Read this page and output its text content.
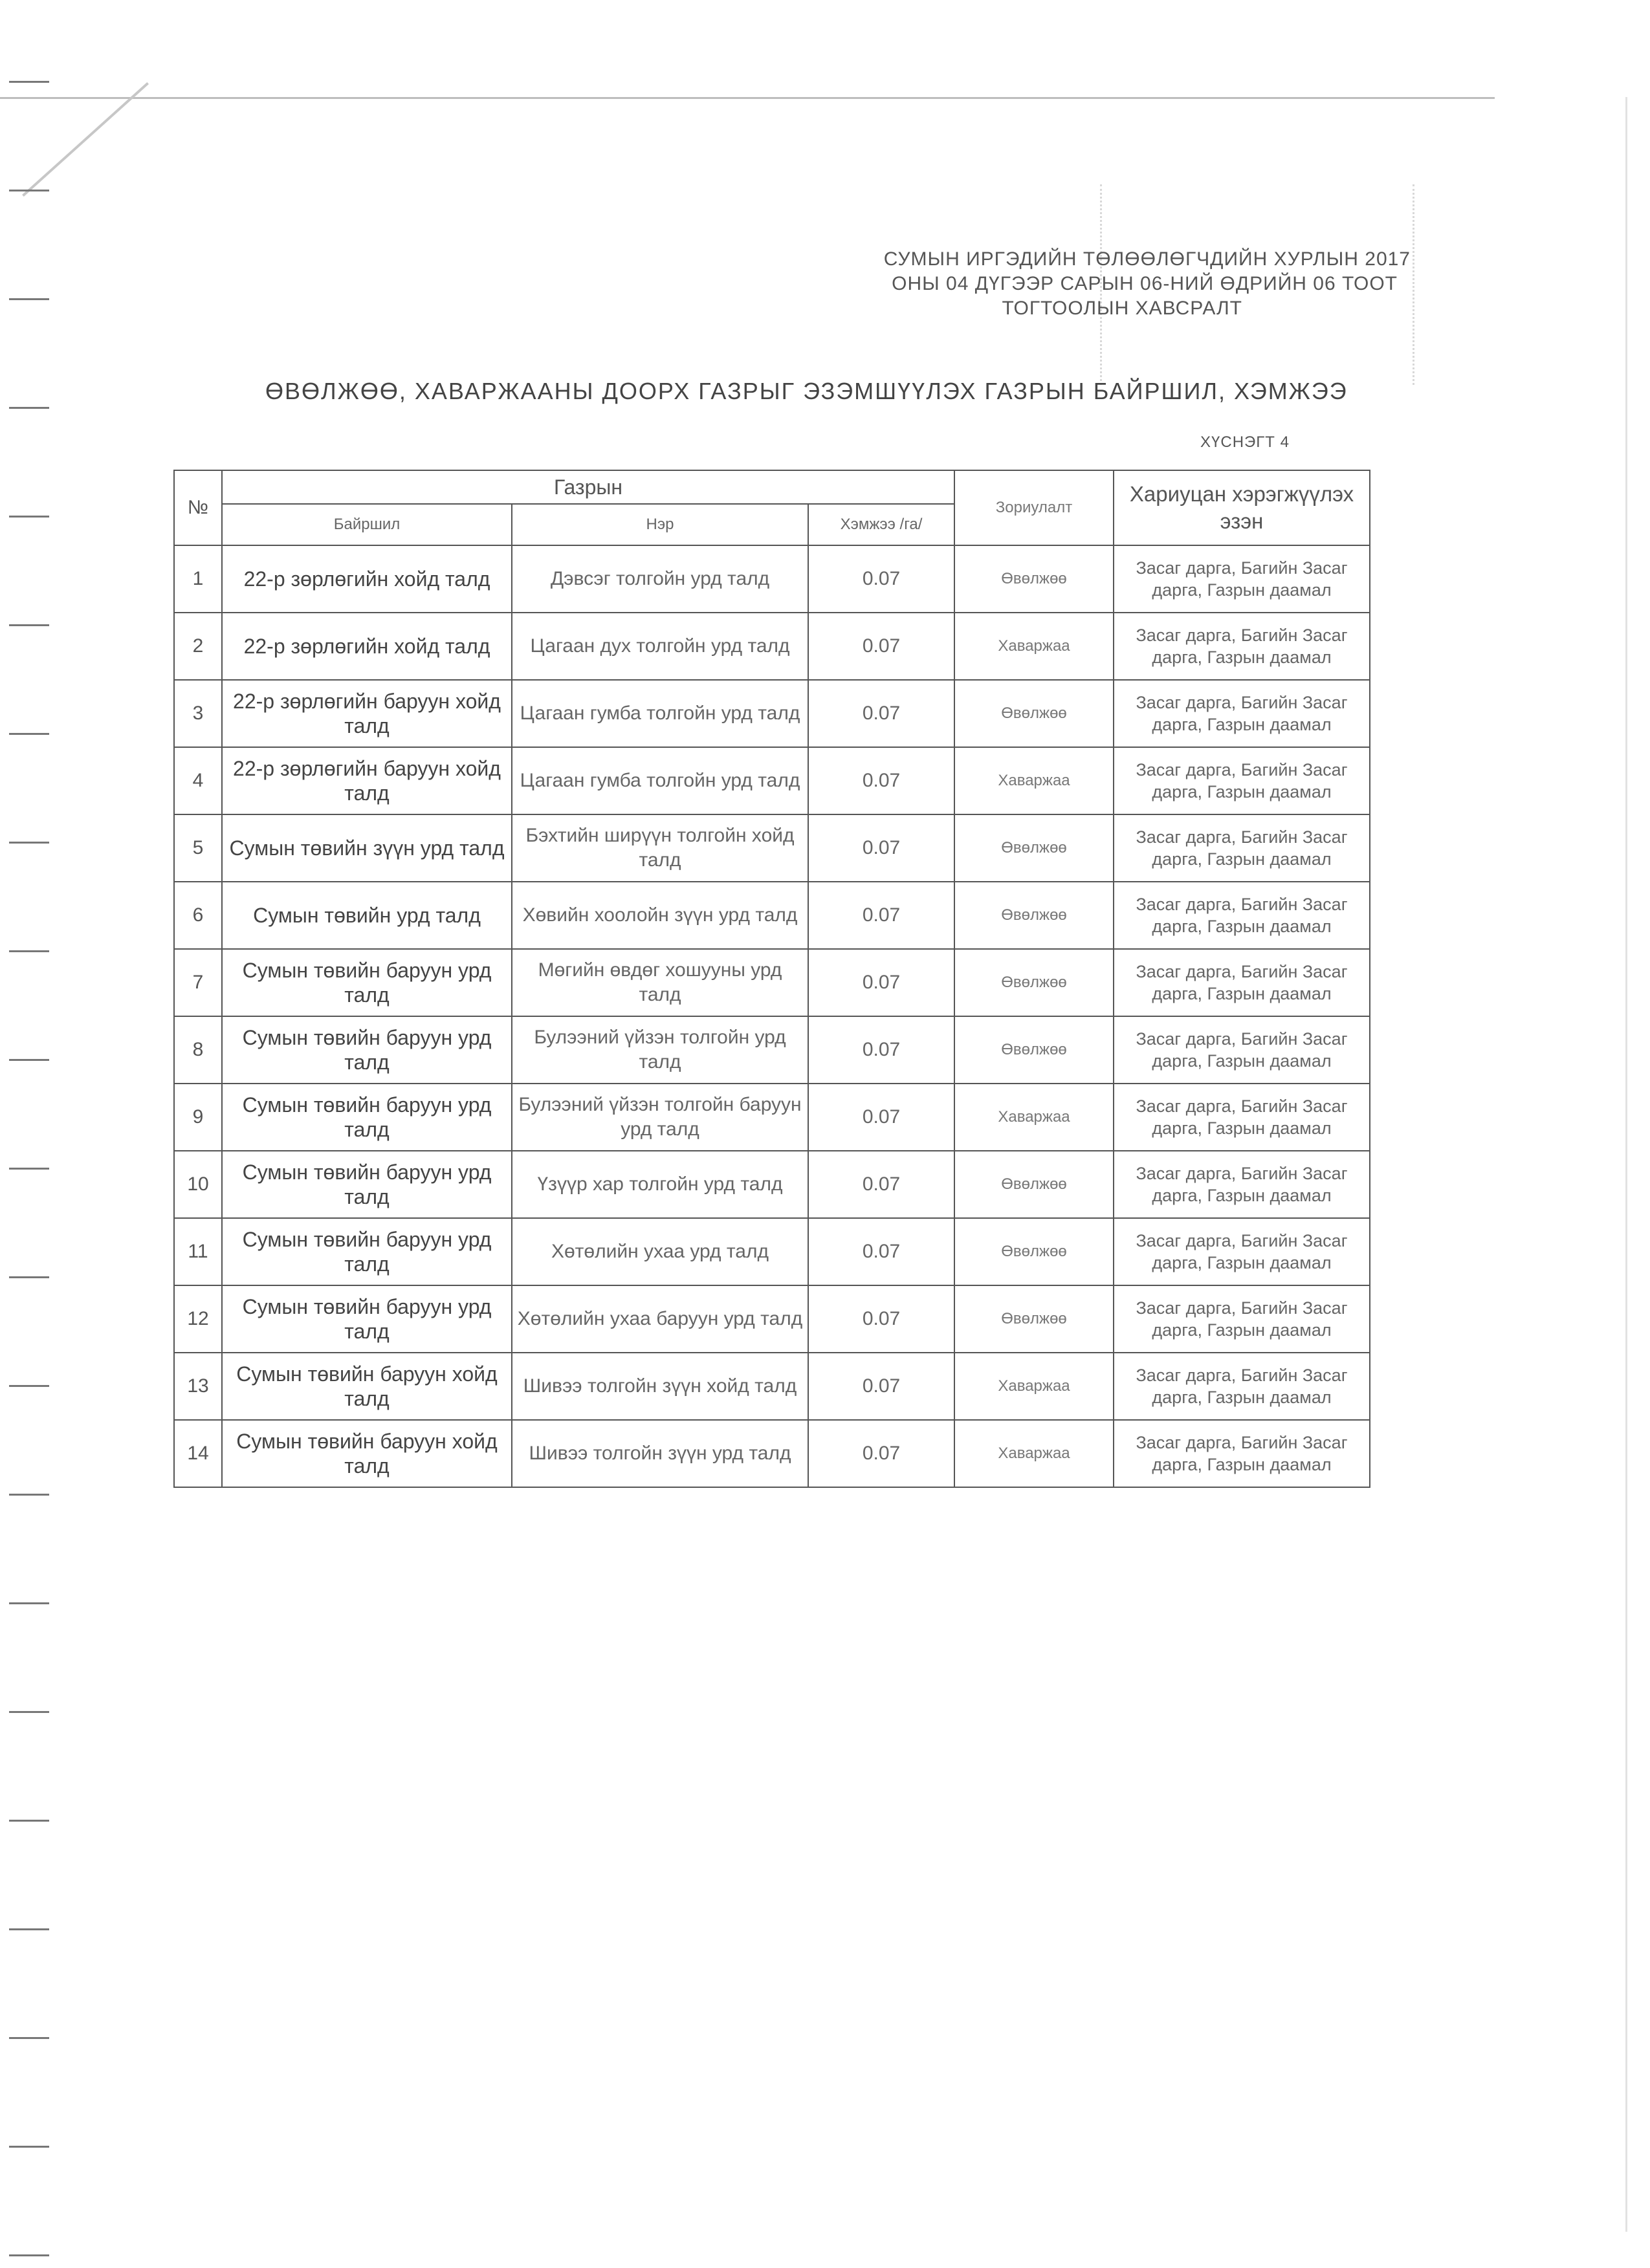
СУМЫН ИРГЭДИЙН ТӨЛӨӨЛӨГЧДИЙН ХУРЛЫН 2017
ОНЫ 04 ДҮГЭЭР САРЫН 06-НИЙ ӨДРИЙН 06 ТООТ
ТОГТООЛЫН ХАВСРАЛТ
ӨВӨЛЖӨӨ, ХАВАРЖААНЫ ДООРХ ГАЗРЫГ ЭЗЭМШҮҮЛЭХ ГАЗРЫН БАЙРШИЛ, ХЭМЖЭЭ
ХҮСНЭГТ 4
№	Газрын			Зориулалт	Хариуцан хэрэгжүүлэх эзэн
	Байршил	Нэр	Хэмжээ /га/		
1	22-р зөрлөгийн хойд талд	Дэвсэг толгойн урд талд	0.07	Өвөлжөө	Засаг дарга, Багийн Засаг дарга, Газрын даамал
2	22-р зөрлөгийн хойд талд	Цагаан дух толгойн урд талд	0.07	Хаваржаа	Засаг дарга, Багийн Засаг дарга, Газрын даамал
3	22-р зөрлөгийн баруун хойд талд	Цагаан гумба толгойн урд талд	0.07	Өвөлжөө	Засаг дарга, Багийн Засаг дарга, Газрын даамал
4	22-р зөрлөгийн баруун хойд талд	Цагаан гумба толгойн урд талд	0.07	Хаваржаа	Засаг дарга, Багийн Засаг дарга, Газрын даамал
5	Сумын төвийн зүүн урд талд	Бэхтийн ширүүн толгойн хойд талд	0.07	Өвөлжөө	Засаг дарга, Багийн Засаг дарга, Газрын даамал
6	Сумын төвийн урд талд	Хөвийн хоолойн зүүн урд талд	0.07	Өвөлжөө	Засаг дарга, Багийн Засаг дарга, Газрын даамал
7	Сумын төвийн баруун урд талд	Мөгийн өвдөг хошууны урд талд	0.07	Өвөлжөө	Засаг дарга, Багийн Засаг дарга, Газрын даамал
8	Сумын төвийн баруун урд талд	Булээний үйзэн толгойн урд талд	0.07	Өвөлжөө	Засаг дарга, Багийн Засаг дарга, Газрын даамал
9	Сумын төвийн баруун урд талд	Булээний үйзэн толгойн баруун урд талд	0.07	Хаваржаа	Засаг дарга, Багийн Засаг дарга, Газрын даамал
10	Сумын төвийн баруун урд талд	Үзүүр хар толгойн урд талд	0.07	Өвөлжөө	Засаг дарга, Багийн Засаг дарга, Газрын даамал
11	Сумын төвийн баруун урд талд	Хөтөлийн ухаа урд талд	0.07	Өвөлжөө	Засаг дарга, Багийн Засаг дарга, Газрын даамал
12	Сумын төвийн баруун урд талд	Хөтөлийн ухаа баруун урд талд	0.07	Өвөлжөө	Засаг дарга, Багийн Засаг дарга, Газрын даамал
13	Сумын төвийн баруун хойд талд	Шивээ толгойн зүүн хойд талд	0.07	Хаваржаа	Засаг дарга, Багийн Засаг дарга, Газрын даамал
14	Сумын төвийн баруун хойд талд	Шивээ толгойн зүүн урд талд	0.07	Хаваржаа	Засаг дарга, Багийн Засаг дарга, Газрын даамал
